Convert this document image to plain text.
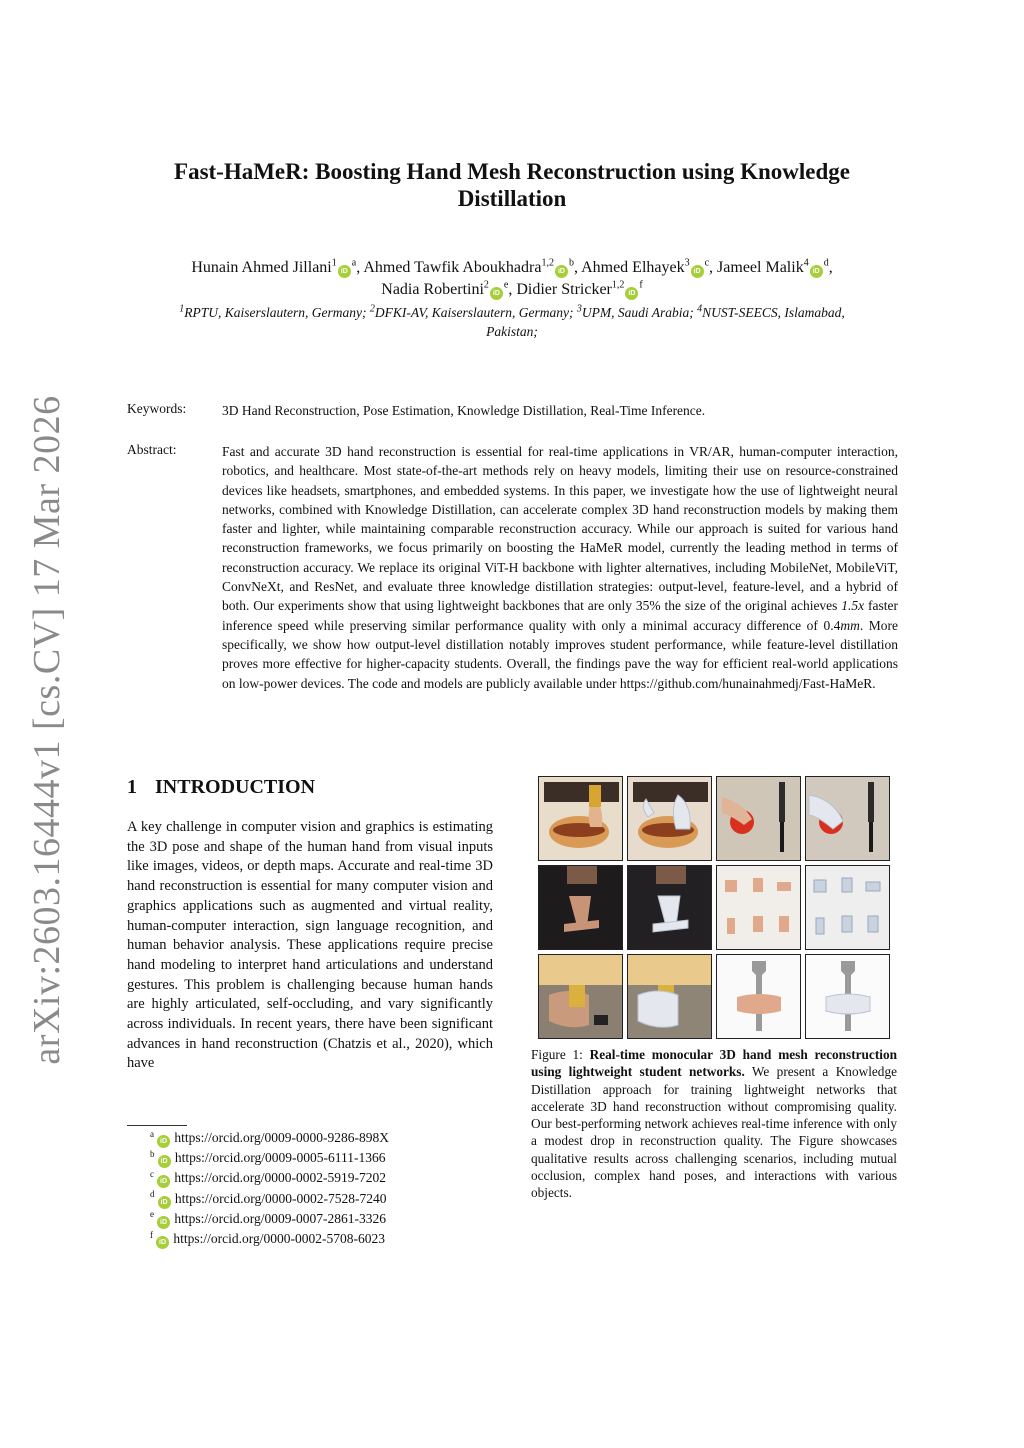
arXiv:2603.16444v1 [cs.CV] 17 Mar 2026
Fast-HaMeR: Boosting Hand Mesh Reconstruction using Knowledge
Distillation
Hunain Ahmed $Jillani^1iD^a$, Ahmed Tawfik $Aboukhadra^{1,2}iD^b$, Ahmed $Elhayek^3iD^c$, Jameel $Malik^4iD^d$,
Nadia $Robertini^2iD^e$, Didier $Stricker^{1,2}iD^f$
$^1$RPTU, Kaiserslautern, Germany; $^2$DFKI-AV, Kaiserslautern, Germany; $^3$UPM, Saudi Arabia; $^4$NUST-SEECS, Islamabad,
Pakistan;
Keywords:	3D Hand Reconstruction, Pose Estimation, Knowledge Distillation, Real-Time Inference.
Abstract:	Fast and accurate 3D hand reconstruction is essential for real-time applications in VR/AR, human-computer interaction, robotics, and healthcare. Most state-of-the-art methods rely on heavy models, limiting their use on resource-constrained devices like headsets, smartphones, and embedded systems. In this paper, we investigate how the use of lightweight neural networks, combined with Knowledge Distillation, can accelerate complex 3D hand reconstruction models by making them faster and lighter, while maintaining comparable reconstruction accuracy. While our approach is suited for various hand reconstruction frameworks, we focus primarily on boosting the HaMeR model, currently the leading method in terms of reconstruction accuracy. We replace its original ViT-H backbone with lighter alternatives, including MobileNet, MobileViT, ConvNeXt, and ResNet, and evaluate three knowledge distillation strategies: output-level, feature-level, and a hybrid of both. Our experiments show that using lightweight backbones that are only 35% the size of the original achieves 1.5x faster inference speed while preserving similar performance quality with only a minimal accuracy difference of 0.4mm. More specifically, we show how output-level distillation notably improves student performance, while feature-level distillation proves more effective for higher-capacity students. Overall, the findings pave the way for efficient real-world applications on low-power devices. The code and models are publicly available under https://github.com/hunainahmedj/Fast-HaMeR.
1 INTRODUCTION
A key challenge in computer vision and graphics is estimating the 3D pose and shape of the human hand from visual inputs like images, videos, or depth maps. Accurate and real-time 3D hand reconstruction is essential for many computer vision and graphics applications such as augmented and virtual reality, human-computer interaction, sign language recognition, and human behavior analysis. These applications require precise hand modeling to interpret hand articulations and understand gestures. This problem is challenging because human hands are highly articulated, self-occluding, and vary significantly across individuals. In recent years, there have been significant advances in hand reconstruction (Chatzis et al., 2020), which have
$^a$iD https://orcid.org/0009-0000-9286-898X
$^b$iD https://orcid.org/0009-0005-6111-1366
$^c$iD https://orcid.org/0000-0002-5919-7202
$^d$iD https://orcid.org/0000-0002-7528-7240
$^e$iD https://orcid.org/0009-0007-2861-3326
$^f$iD https://orcid.org/0000-0002-5708-6023
Figure 1: Real-time monocular 3D hand mesh reconstruction using lightweight student networks. We present a Knowledge Distillation approach for training lightweight networks that accelerate 3D hand reconstruction without compromising quality. Our best-performing network achieves real-time inference with only a modest drop in reconstruction quality. The Figure showcases qualitative results across challenging scenarios, including mutual occlusion, complex hand poses, and interactions with various objects.
